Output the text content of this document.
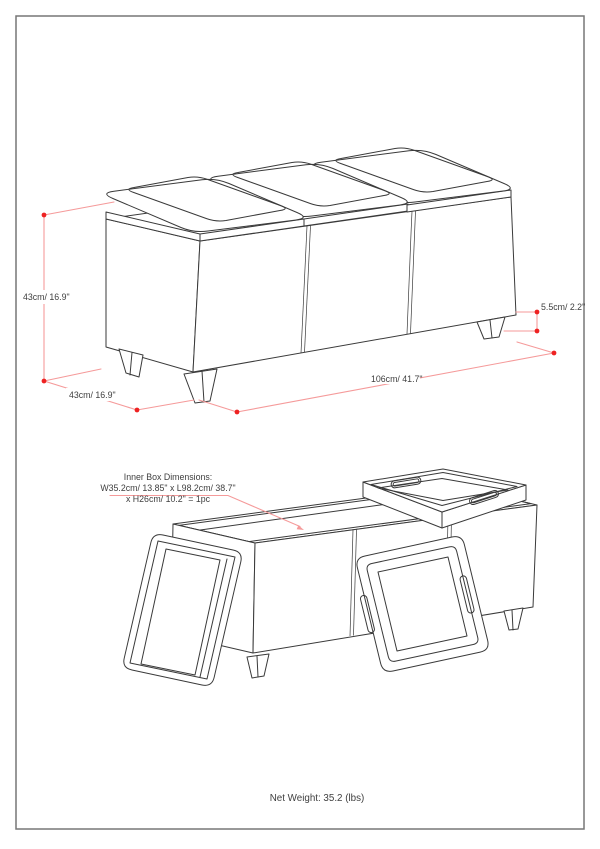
43cm/ 16.9"
43cm/ 16.9"
106cm/ 41.7"
5.5cm/ 2.2"
Inner Box Dimensions:
W35.2cm/ 13.85" x L98.2cm/ 38.7"
x H26cm/ 10.2" = 1pc
Net Weight: 35.2 (lbs)
